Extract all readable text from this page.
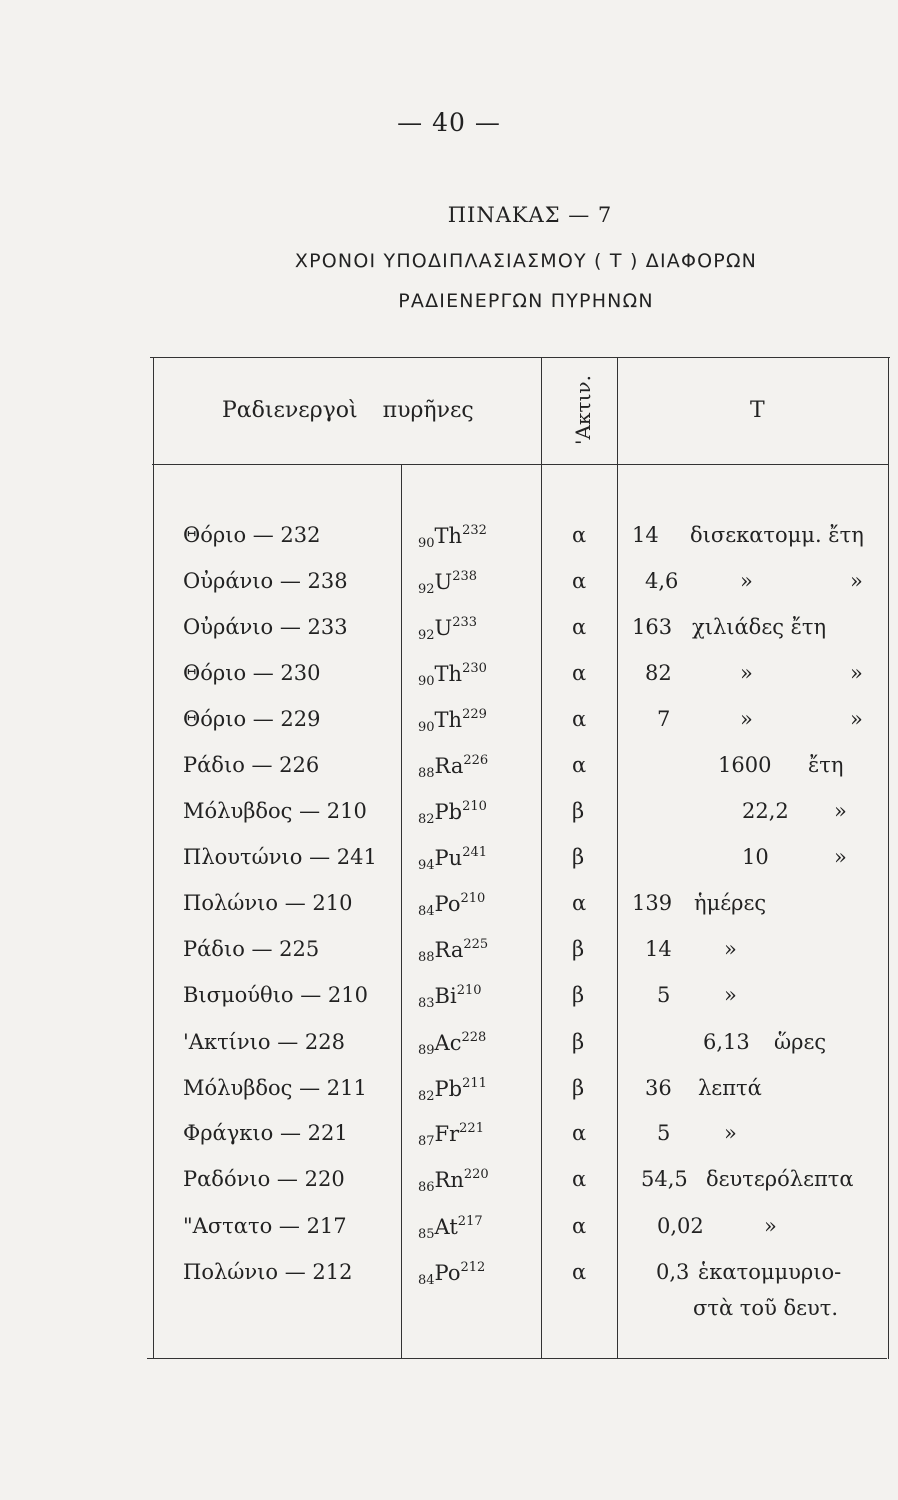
— 40 —
ΠΙΝΑΚΑΣ — 7
ΧΡΟΝΟΙ ΥΠΟΔΙΠΛΑΣΙΑΣΜΟΥ ( Τ ) ΔΙΑΦΟΡΩΝ
ΡΑΔΙΕΝΕΡΓΩΝ ΠΥΡΗΝΩΝ
Ραδιενεργοὶ πυρῆνες	'Ακτιν.	Τ
Θόριο — 232	$_{90}Th^{232}$	α 14 δισεκατομμ. ἔτη
Οὐράνιο — 238	$_{92}U^{238}$	α	4,6	»	»
Οὐράνιο — 233	$_{92}U^{233}$	α 163 χιλιάδες ἔτη
Θόριο — 230	$_{90}Th^{230}$	α	82	»	»
Θόριο — 229	$_{90}Th^{229}$	α	7	»	»
Ράδιο — 226	$_{88}Ra^{226}$	α	1600 ἔτη
Μόλυβδος — 210	$_{82}Pb^{210}$	β	22,2 »
Πλουτώνιο — 241	$_{94}Pu^{241}$	β	10	»
Πολώνιο — 210	$_{84}Po^{210}$	α 139 ἡμέρες
Ράδιο — 225	$_{88}Ra^{225}$	β	14 »
Βισμούθιο — 210	$_{83}Bi^{210}$	β	5	»
'Ακτίνιο — 228	$_{89}Ac^{228}$	β	6,13 ὥρες
Μόλυβδος — 211	$_{82}Pb^{211}$	β	36 λεπτά
Φράγκιο — 221	$_{87}Fr^{221}$	α	5	»
Ραδόνιο — 220	$_{86}Rn^{220}$	α	54,5 δευτερόλεπτα
"Αστατο — 217	$_{85}At^{217}$	α	0,02	»
Πολώνιο — 212	$_{84}Po^{212}$	α	0,3 ἑκατομμυριο-
στὰ τοῦ δευτ.
